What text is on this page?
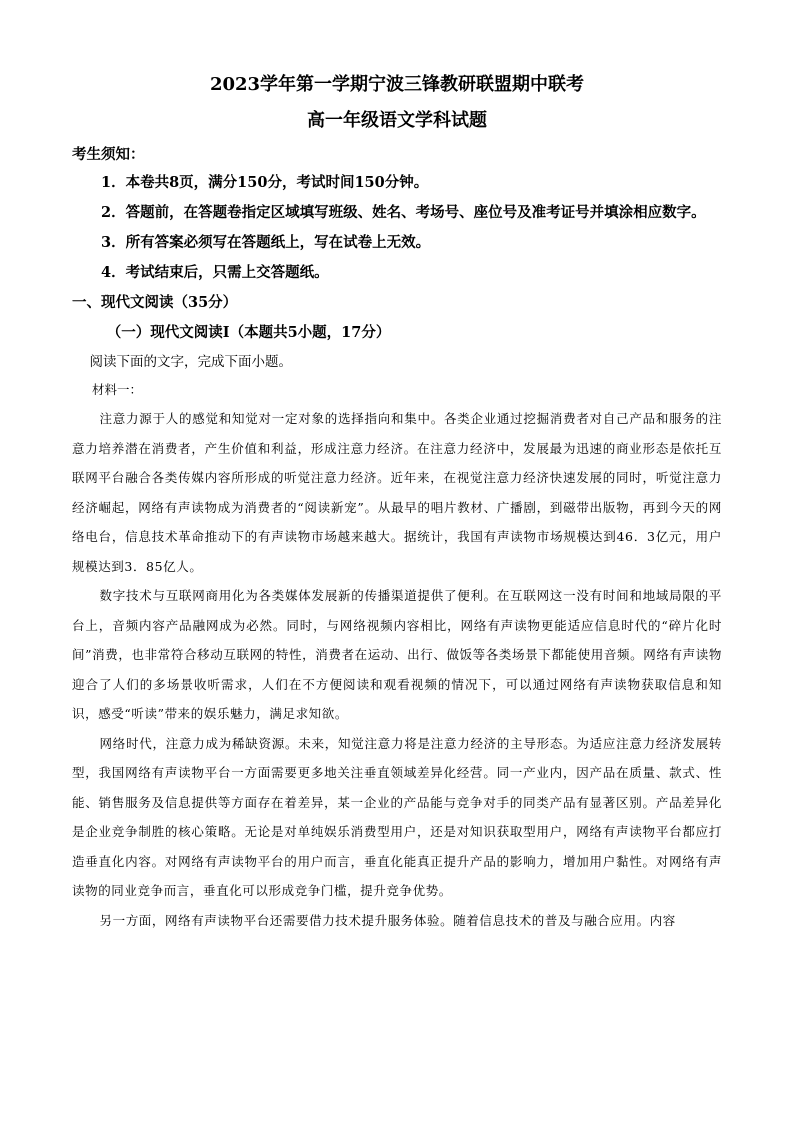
2023学年第一学期宁波三锋教研联盟期中联考
高一年级语文学科试题

考生须知：

1．本卷共8页，满分150分，考试时间150分钟。

2．答题前，在答题卷指定区域填写班级、姓名、考场号、座位号及准考证号并填涂相应数字。

3．所有答案必须写在答题纸上，写在试卷上无效。

4．考试结束后，只需上交答题纸。

一、现代文阅读（35分）

（一）现代文阅读Ⅰ（本题共5小题，17分）

阅读下面的文字，完成下面小题。

材料一：

注意力源于人的感觉和知觉对一定对象的选择指向和集中。各类企业通过挖掘消费者对自己产品和服务的注意力培养潜在消费者，产生价值和利益，形成注意力经济。在注意力经济中，发展最为迅速的商业形态是依托互联网平台融合各类传媒内容所形成的听觉注意力经济。近年来，在视觉注意力经济快速发展的同时，听觉注意力经济崛起，网络有声读物成为消费者的“阅读新宠”。从最早的唱片教材、广播剧，到磁带出版物，再到今天的网络电台，信息技术革命推动下的有声读物市场越来越大。据统计，我国有声读物市场规模达到46．3亿元，用户规模达到3．85亿人。

数字技术与互联网商用化为各类媒体发展新的传播渠道提供了便利。在互联网这一没有时间和地域局限的平台上，音频内容产品融网成为必然。同时，与网络视频内容相比，网络有声读物更能适应信息时代的“碎片化时间”消费，也非常符合移动互联网的特性，消费者在运动、出行、做饭等各类场景下都能使用音频。网络有声读物迎合了人们的多场景收听需求，人们在不方便阅读和观看视频的情况下，可以通过网络有声读物获取信息和知识，感受“听读”带来的娱乐魅力，满足求知欲。

网络时代，注意力成为稀缺资源。未来，知觉注意力将是注意力经济的主导形态。为适应注意力经济发展转型，我国网络有声读物平台一方面需要更多地关注垂直领域差异化经营。同一产业内，因产品在质量、款式、性能、销售服务及信息提供等方面存在着差异，某一企业的产品能与竞争对手的同类产品有显著区别。产品差异化是企业竞争制胜的核心策略。无论是对单纯娱乐消费型用户，还是对知识获取型用户，网络有声读物平台都应打造垂直化内容。对网络有声读物平台的用户而言，垂直化能真正提升产品的影响力，增加用户黏性。对网络有声读物的同业竞争而言，垂直化可以形成竞争门槛，提升竞争优势。

另一方面，网络有声读物平台还需要借力技术提升服务体验。随着信息技术的普及与融合应用。内容
